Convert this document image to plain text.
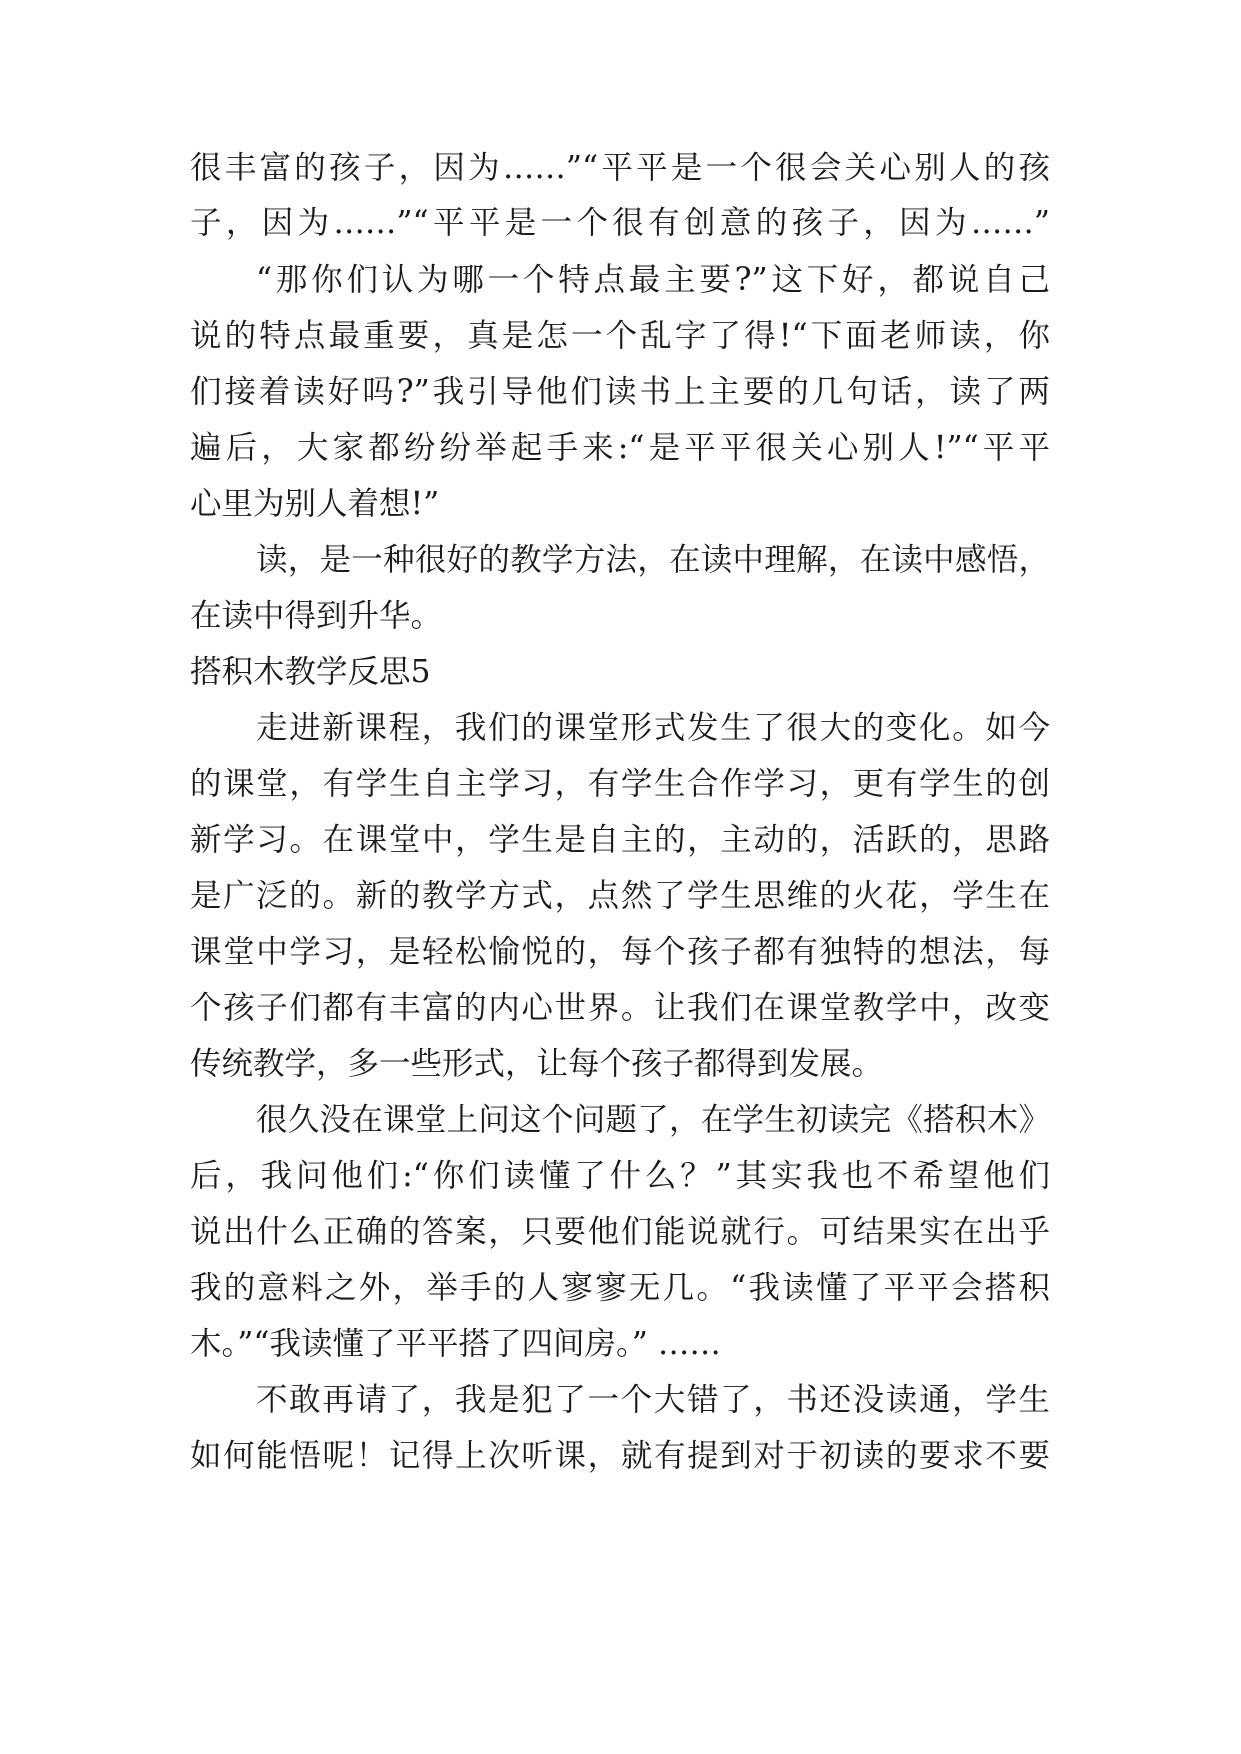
很丰富的孩子，因为……”“平平是一个很会关心别人的孩
子，因为……”“平平是一个很有创意的孩子，因为……”
“那你们认为哪一个特点最主要?”这下好，都说自己
说的特点最重要，真是怎一个乱字了得!“下面老师读，你
们接着读好吗?”我引导他们读书上主要的几句话，读了两
遍后，大家都纷纷举起手来:“是平平很关心别人!”“平平
心里为别人着想!”
读，是一种很好的教学方法，在读中理解，在读中感悟，
在读中得到升华。
搭积木教学反思5
走进新课程，我们的课堂形式发生了很大的变化。如今
的课堂，有学生自主学习，有学生合作学习，更有学生的创
新学习。在课堂中，学生是自主的，主动的，活跃的，思路
是广泛的。新的教学方式，点然了学生思维的火花，学生在
课堂中学习，是轻松愉悦的，每个孩子都有独特的想法，每
个孩子们都有丰富的内心世界。让我们在课堂教学中，改变
传统教学，多一些形式，让每个孩子都得到发展。
很久没在课堂上问这个问题了，在学生初读完《搭积木》
后，我问他们:“你们读懂了什么？”其实我也不希望他们
说出什么正确的答案，只要他们能说就行。可结果实在出乎
我的意料之外，举手的人寥寥无几。“我读懂了平平会搭积
木。”“我读懂了平平搭了四间房。” ……
不敢再请了，我是犯了一个大错了，书还没读通，学生
如何能悟呢！记得上次听课，就有提到对于初读的要求不要
